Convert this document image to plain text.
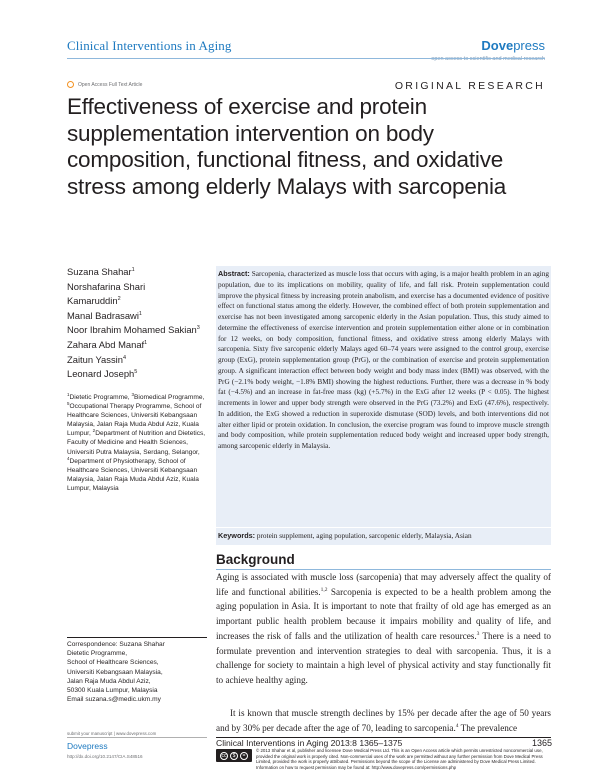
Clinical Interventions in Aging	Dovepress
open access to scientific and medical research
Open Access Full Text Article	ORIGINAL RESEARCH
Effectiveness of exercise and protein supplementation intervention on body composition, functional fitness, and oxidative stress among elderly Malays with sarcopenia
Suzana Shahar$^1$
Norshafarina Shari
Kamaruddin$^2$
Manal Badrasawi$^1$
Noor Ibrahim Mohamed Sakian$^3$
Zahara Abd Manaf$^1$
Zaitun Yassin$^4$
Leonard Joseph$^5$
$^1$Dietetic Programme, $^3$Biomedical Programme, $^5$Occupational Therapy Programme, School of Healthcare Sciences, Universiti Kebangsaan Malaysia, Jalan Raja Muda Abdul Aziz, Kuala Lumpur, $^2$Department of Nutrition and Dietetics, Faculty of Medicine and Health Sciences, Universiti Putra Malaysia, Serdang, Selangor, $^4$Department of Physiotherapy, School of Healthcare Sciences, Universiti Kebangsaan Malaysia, Jalan Raja Muda Abdul Aziz, Kuala Lumpur, Malaysia
Correspondence: Suzana Shahar
Dietetic Programme,
School of Healthcare Sciences,
Universiti Kebangsaan Malaysia,
Jalan Raja Muda Abdul Aziz,
50300 Kuala Lumpur, Malaysia
Email suzana.s@medic.ukm.my
Abstract: Sarcopenia, characterized as muscle loss that occurs with aging, is a major health problem in an aging population, due to its implications on mobility, quality of life, and fall risk. Protein supplementation could improve the physical fitness by increasing protein anabolism, and exercise has a documented evidence of positive effect on functional status among the elderly. However, the combined effect of both protein supplementation and exercise has not been investigated among sarcopenic elderly in the Asian population. Thus, this study aimed to determine the effectiveness of exercise intervention and protein supplementation either alone or in combination for 12 weeks, on body composition, functional fitness, and oxidative stress among elderly Malays with sarcopenia. Sixty five sarcopenic elderly Malays aged 60–74 years were assigned to the control group, exercise group (ExG), protein supplementation group (PrG), or the combination of exercise and protein supplementation group. A significant interaction effect between body weight and body mass index (BMI) was observed, with the PrG (−2.1% body weight, −1.8% BMI) showing the highest reductions. Further, there was a decrease in % body fat (−4.5%) and an increase in fat-free mass (kg) (+5.7%) in the ExG after 12 weeks (P < 0.05). The highest increments in lower and upper body strength were observed in the PrG (73.2%) and ExG (47.6%), respectively. In addition, the ExG showed a reduction in superoxide dismutase (SOD) levels, and both interventions did not alter either lipid or protein oxidation. In conclusion, the exercise program was found to improve muscle strength and body composition, while protein supplementation reduced body weight and increased upper body strength, among sarcopenic elderly in Malaysia.
Keywords: protein supplement, aging population, sarcopenic elderly, Malaysia, Asian
Background

Aging is associated with muscle loss (sarcopenia) that may adversely affect the quality of life and functional abilities.$^{1,2}$ Sarcopenia is expected to be a health problem among the aging population in Asia. It is important to note that frailty of old age has emerged as an important public health problem because it impairs mobility and quality of life, and increases the risk of falls and the utilization of health care resources.$^3$ There is a need to formulate prevention and intervention strategies to deal with sarcopenia. Thus, it is a challenge for society to maintain a high level of physical activity and stay functionally fit to achieve healthy aging.

It is known that muscle strength declines by 15% per decade after the age of 50 years and by 30% per decade after the age of 70, leading to sarcopenia.$^4$ The prevalence

submit your manuscript | www.dovepress.com
Dovepress
http://dx.doi.org/10.2147/CIA.S48516
Clinical Interventions in Aging 2013:8 1365–1375	1365
cc	$	=
© 2013 Shahar et al, publisher and licensee Dove Medical Press Ltd. This is an Open Access article which permits unrestricted noncommercial use, provided the original work is properly cited. Non-commercial uses of the work are permitted without any further permission from Dove Medical Press Limited, provided the work is properly attributed. Permissions beyond the scope of the License are administered by Dove Medical Press Limited. Information on how to request permission may be found at: http://www.dovepress.com/permissions.php
